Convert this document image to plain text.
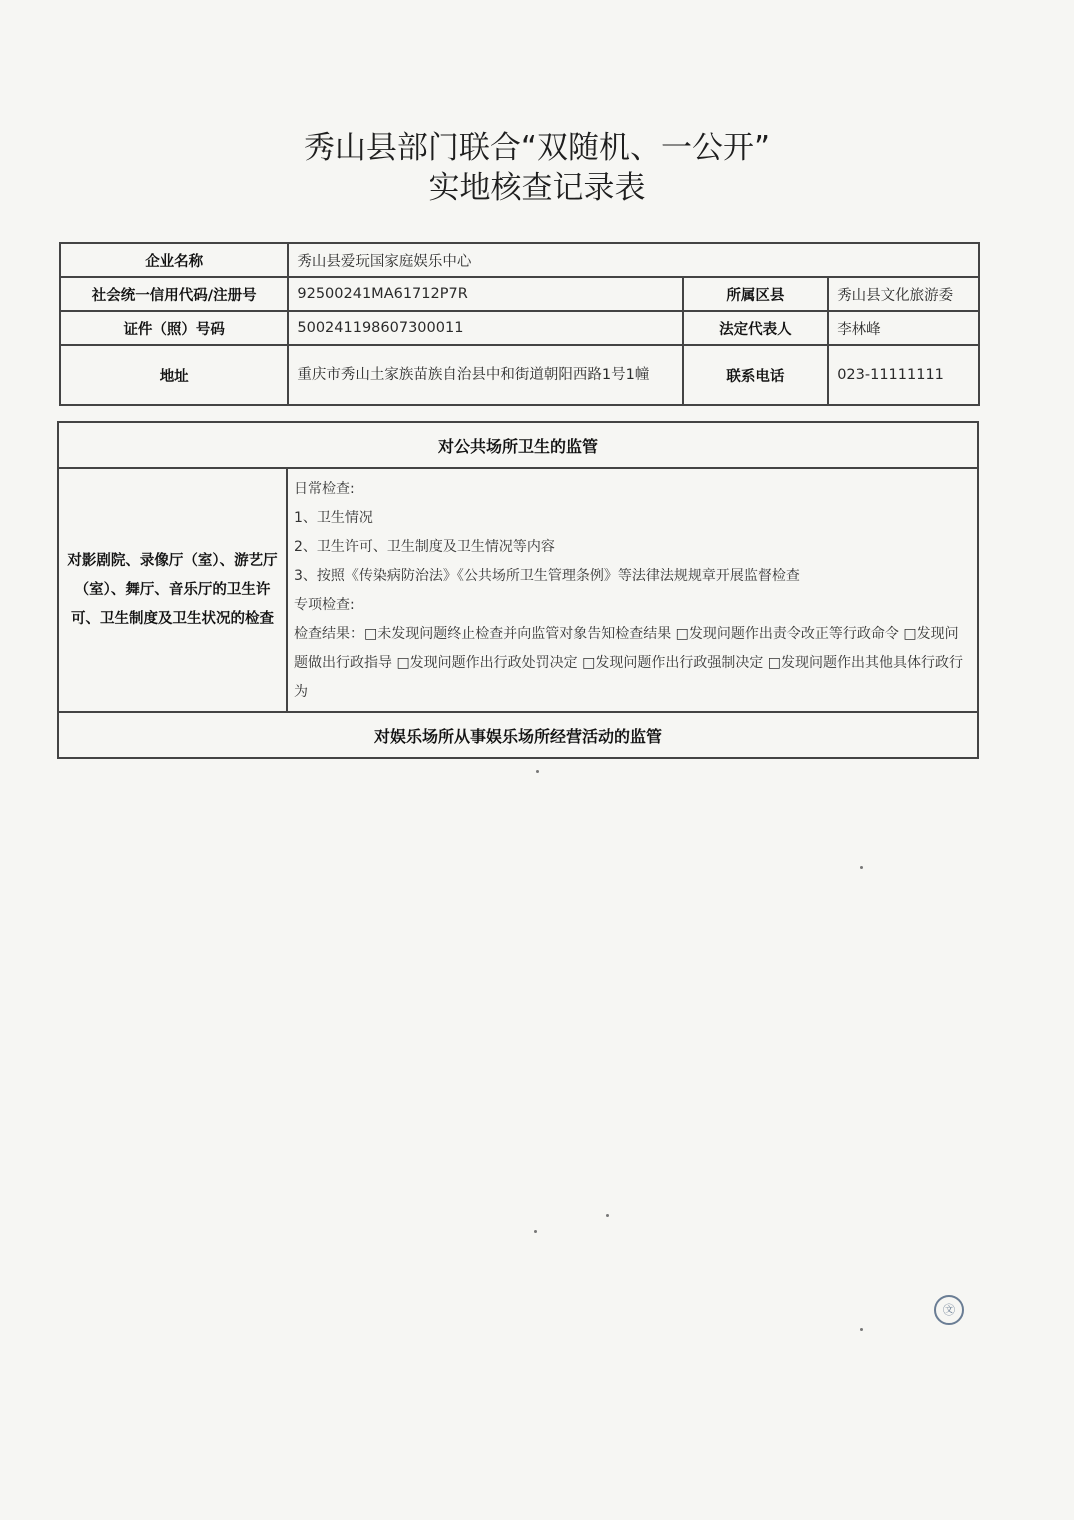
秀山县部门联合“双随机、一公开”
实地核查记录表
企业名称	秀山县爱玩国家庭娱乐中心		
社会统一信用代码/注册号	92500241MA61712P7R	所属区县	秀山县文化旅游委
证件（照）号码	500241198607300011	法定代表人	李林峰
地址	重庆市秀山土家族苗族自治县中和街道朝阳西路1号1幢	联系电话	023-11111111
对公共场所卫生的监管
对影剧院、录像厅（室）、游艺厅（室）、舞厅、音乐厅的卫生许可、卫生制度及卫生状况的检查	
日常检查:
1、卫生情况
2、卫生许可、卫生制度及卫生情况等内容
3、按照《传染病防治法》《公共场所卫生管理条例》等法律法规规章开展监督检查
专项检查:
检查结果：□未发现问题终止检查并向监管对象告知检查结果 □发现问题作出责令改正等行政命令 □发现问题做出行政指导 □发现问题作出行政处罚决定 □发现问题作出行政强制决定 □发现问题作出其他具体行政行为

对娱乐场所从事娱乐场所经营活动的监管
㉆
